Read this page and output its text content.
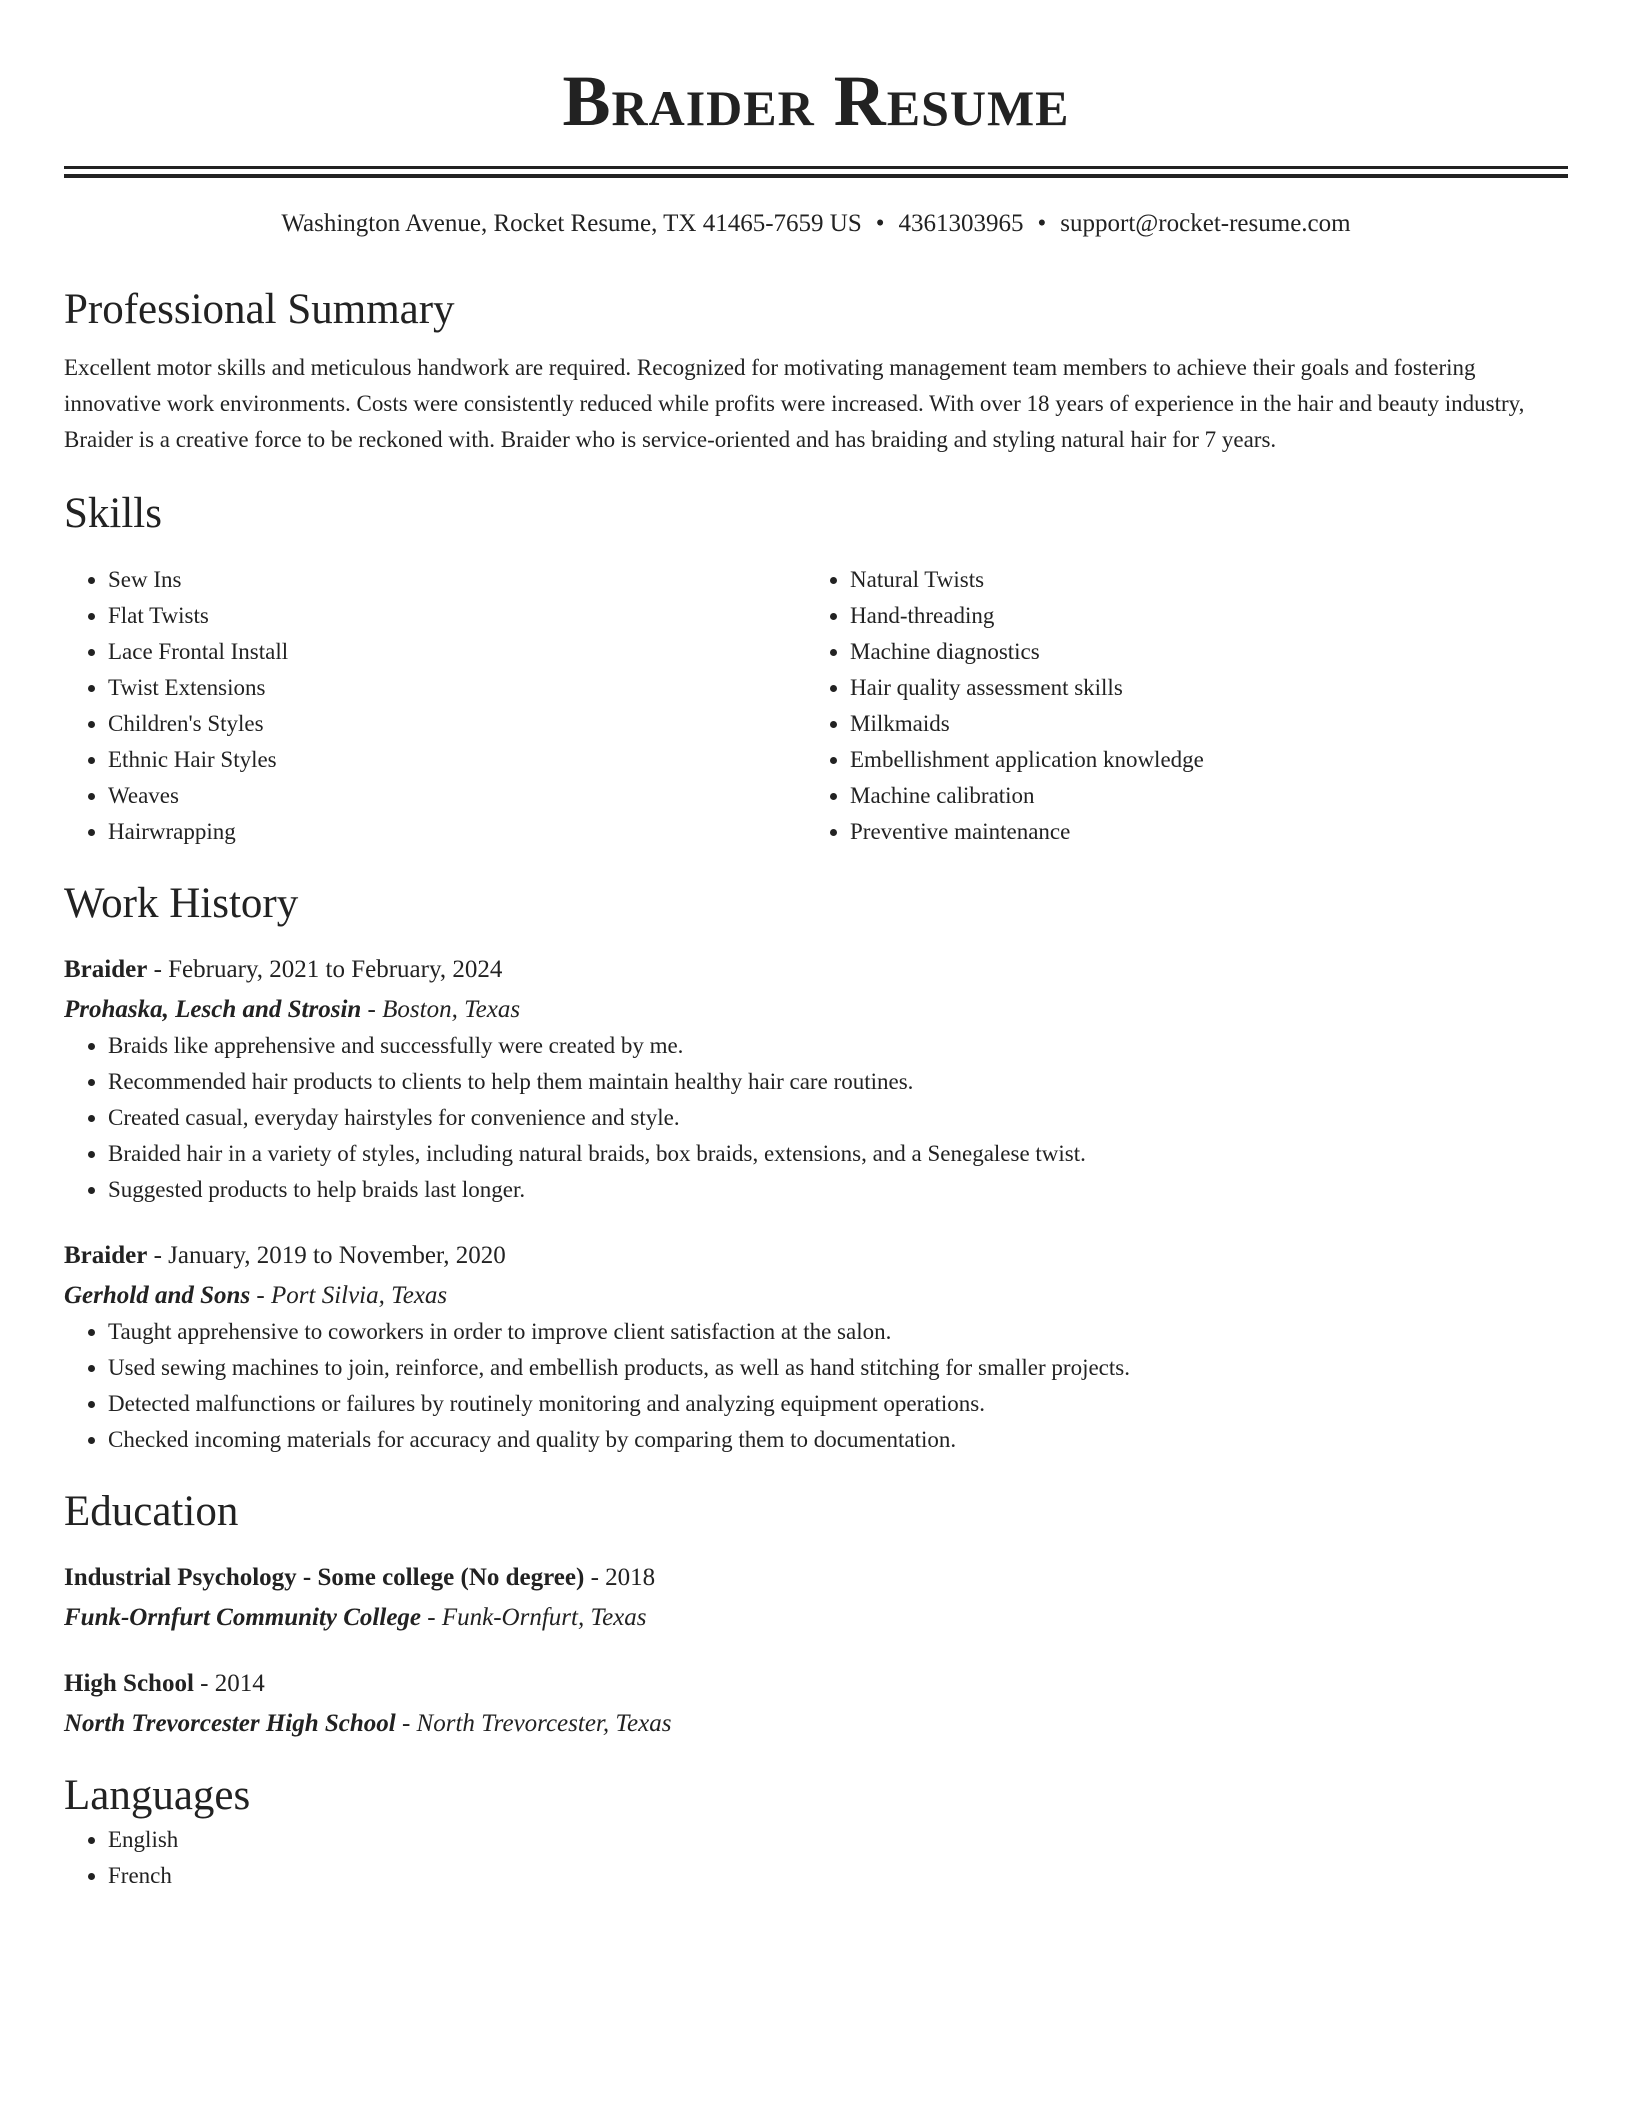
Braider Resume
Washington Avenue, Rocket Resume, TX 41465-7659 US • 4361303965 • support@rocket-resume.com
Professional Summary
Excellent motor skills and meticulous handwork are required. Recognized for motivating management team members to achieve their goals and fostering innovative work environments. Costs were consistently reduced while profits were increased. With over 18 years of experience in the hair and beauty industry, Braider is a creative force to be reckoned with. Braider who is service-oriented and has braiding and styling natural hair for 7 years.
Skills
• Sew Ins
• Flat Twists
• Lace Frontal Install
• Twist Extensions
• Children's Styles
• Ethnic Hair Styles
• Weaves
• Hairwrapping
• Natural Twists
• Hand-threading
• Machine diagnostics
• Hair quality assessment skills
• Milkmaids
• Embellishment application knowledge
• Machine calibration
• Preventive maintenance
Work History
Braider - February, 2021 to February, 2024
Prohaska, Lesch and Strosin - Boston, Texas
• Braids like apprehensive and successfully were created by me.
• Recommended hair products to clients to help them maintain healthy hair care routines.
• Created casual, everyday hairstyles for convenience and style.
• Braided hair in a variety of styles, including natural braids, box braids, extensions, and a Senegalese twist.
• Suggested products to help braids last longer.
Braider - January, 2019 to November, 2020
Gerhold and Sons - Port Silvia, Texas
• Taught apprehensive to coworkers in order to improve client satisfaction at the salon.
• Used sewing machines to join, reinforce, and embellish products, as well as hand stitching for smaller projects.
• Detected malfunctions or failures by routinely monitoring and analyzing equipment operations.
• Checked incoming materials for accuracy and quality by comparing them to documentation.
Education
Industrial Psychology - Some college (No degree) - 2018
Funk-Ornfurt Community College - Funk-Ornfurt, Texas
High School - 2014
North Trevorcester High School - North Trevorcester, Texas
Languages
• English
• French
